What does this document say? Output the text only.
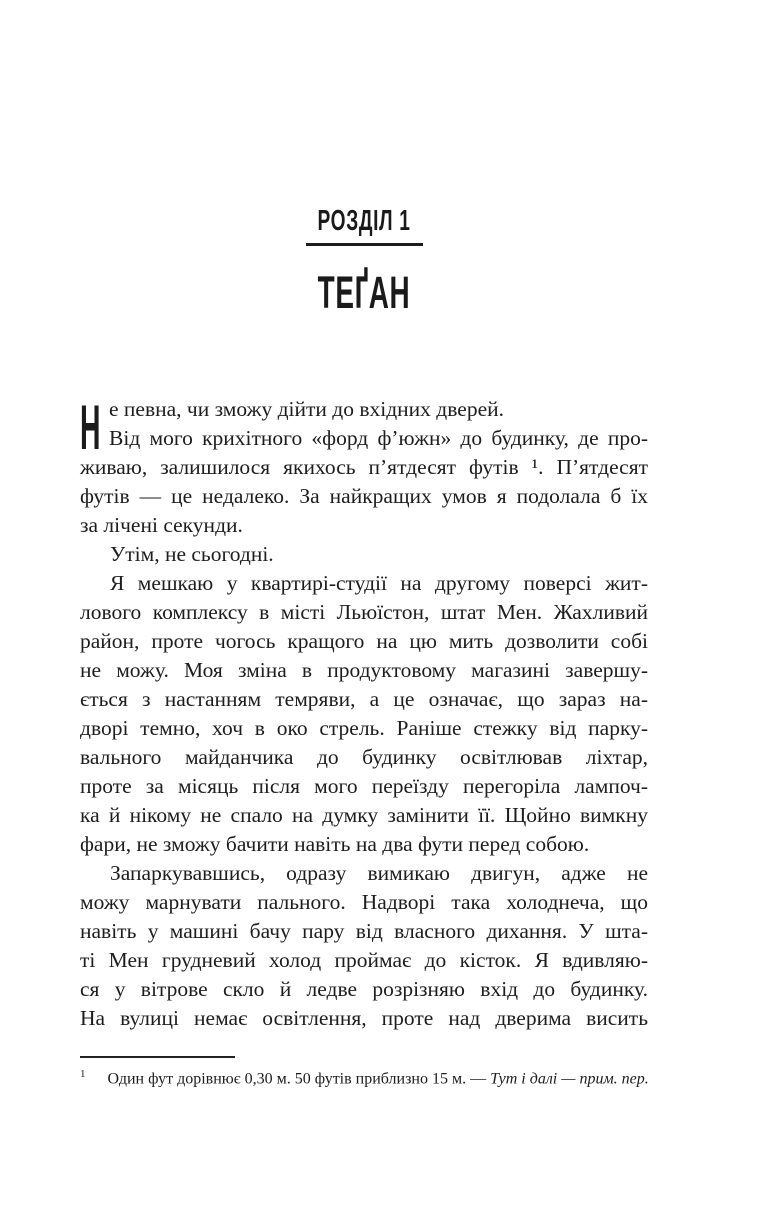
РОЗДІЛ 1
ТЕҐАН
Н е певна, чи зможу дійти до вхідних дверей.
Від мого крихітного «форд ф’южн» до будинку, де про-
живаю, залишилося якихось п’ятдесят футів ¹. П’ятдесят
футів — це недалеко. За найкращих умов я подолала б їх
за лічені секунди.
Утім, не сьогодні.
Я мешкаю у квартирі-студії на другому поверсі жит-
лового комплексу в місті Льюїстон, штат Мен. Жахливий
район, проте чогось кращого на цю мить дозволити собі
не можу. Моя зміна в продуктовому магазині завершу-
ється з настанням темряви, а це означає, що зараз на-
дворі темно, хоч в око стрель. Раніше стежку від парку-
вального майданчика до будинку освітлював ліхтар,
проте за місяць після мого переїзду перегоріла лампоч-
ка й нікому не спало на думку замінити її. Щойно вимкну
фари, не зможу бачити навіть на два фути перед собою.
Запаркувавшись, одразу вимикаю двигун, адже не
можу марнувати пального. Надворі така холоднеча, що
навіть у машині бачу пару від власного дихання. У шта-
ті Мен грудневий холод проймає до кісток. Я вдивляю-
ся у вітрове скло й ледве розрізняю вхід до будинку.
На вулиці немає освітлення, проте над дверима висить
$^1$ Один фут дорівнює 0,30 м. 50 футів приблизно 15 м. — Тут і далі — прим. пер.
